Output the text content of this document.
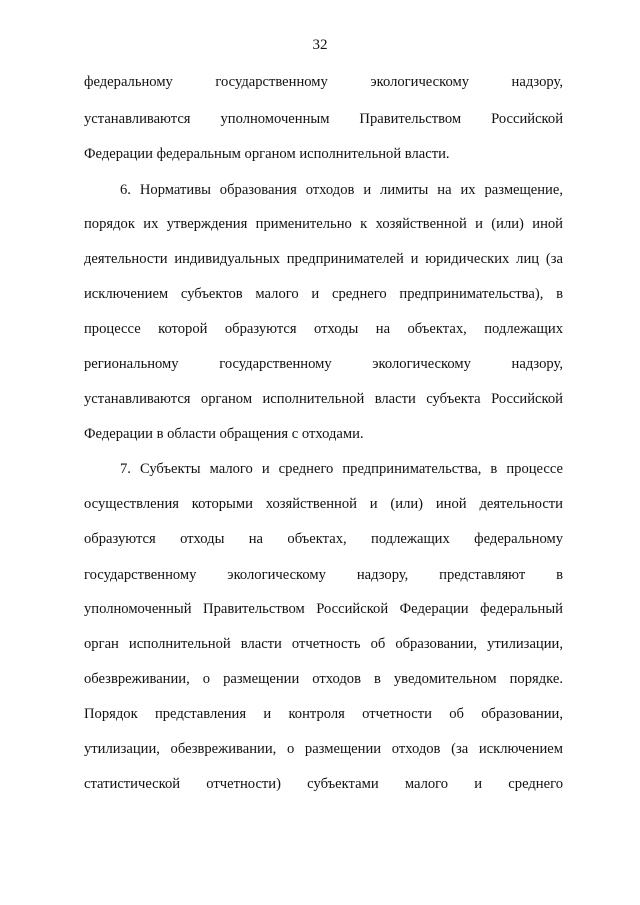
32
федеральному государственному экологическому надзору,
устанавливаются уполномоченным Правительством Российской
Федерации федеральным органом исполнительной власти.
6. Нормативы образования отходов и лимиты на их размещение,
порядок их утверждения применительно к хозяйственной и (или) иной
деятельности индивидуальных предпринимателей и юридических лиц (за
исключением субъектов малого и среднего предпринимательства), в
процессе которой образуются отходы на объектах, подлежащих
региональному государственному экологическому надзору,
устанавливаются органом исполнительной власти субъекта Российской
Федерации в области обращения с отходами.
7. Субъекты малого и среднего предпринимательства, в процессе
осуществления которыми хозяйственной и (или) иной деятельности
образуются отходы на объектах, подлежащих федеральному
государственному экологическому надзору, представляют в
уполномоченный Правительством Российской Федерации федеральный
орган исполнительной власти отчетность об образовании, утилизации,
обезвреживании, о размещении отходов в уведомительном порядке.
Порядок представления и контроля отчетности об образовании,
утилизации, обезвреживании, о размещении отходов (за исключением
статистической отчетности) субъектами малого и среднего
